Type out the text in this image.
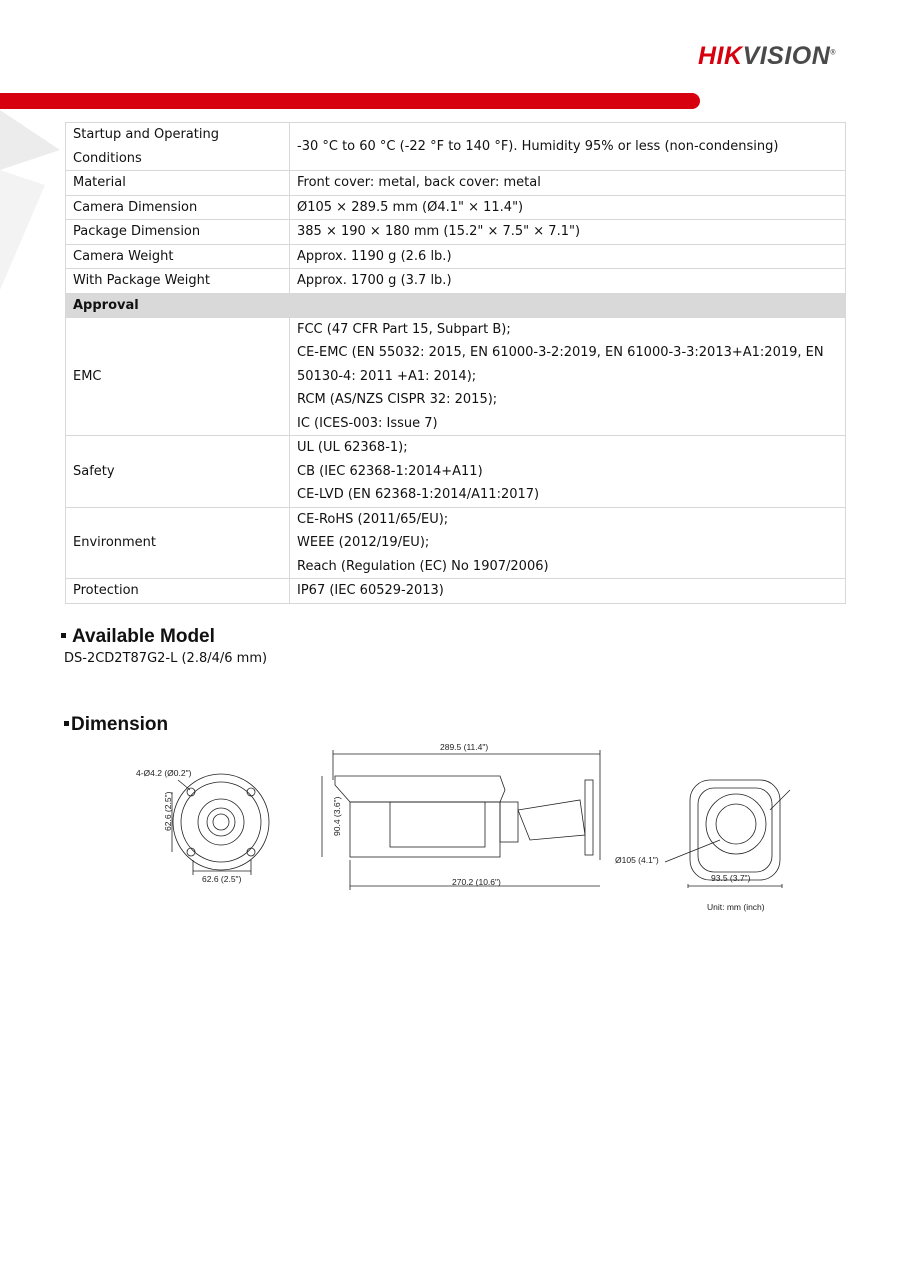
HIKVISION®
Startup and Operating Conditions	-30 °C to 60 °C (-22 °F to 140 °F). Humidity 95% or less (non-condensing)

Material	Front cover: metal, back cover: metal

Camera Dimension	Ø105 × 289.5 mm (Ø4.1" × 11.4")

Package Dimension	385 × 190 × 180 mm (15.2" × 7.5" × 7.1")

Camera Weight	Approx. 1190 g (2.6 lb.)

With Package Weight	Approx. 1700 g (3.7 lb.)

Approval	
EMC	FCC (47 CFR Part 15, Subpart B);
CE-EMC (EN 55032: 2015, EN 61000-3-2:2019, EN 61000-3-3:2013+A1:2019, EN
50130-4: 2011 +A1: 2014);
RCM (AS/NZS CISPR 32: 2015);
IC (ICES-003: Issue 7)

Safety	UL (UL 62368-1);
CB (IEC 62368-1:2014+A11)
CE-LVD (EN 62368-1:2014/A11:2017)

Environment	CE-RoHS (2011/65/EU);
WEEE (2012/19/EU);
Reach (Regulation (EC) No 1907/2006)

Protection	IP67 (IEC 60529-2013)
Available Model
DS-2CD2T87G2-L (2.8/4/6 mm)
Dimension
4-Ø4.2 (Ø0.2")
62.6 (2.5")
62.6 (2.5")
289.5 (11.4")
90.4 (3.6")
270.2 (10.6")
Ø105 (4.1")
93.5 (3.7")
Unit: mm (inch)
